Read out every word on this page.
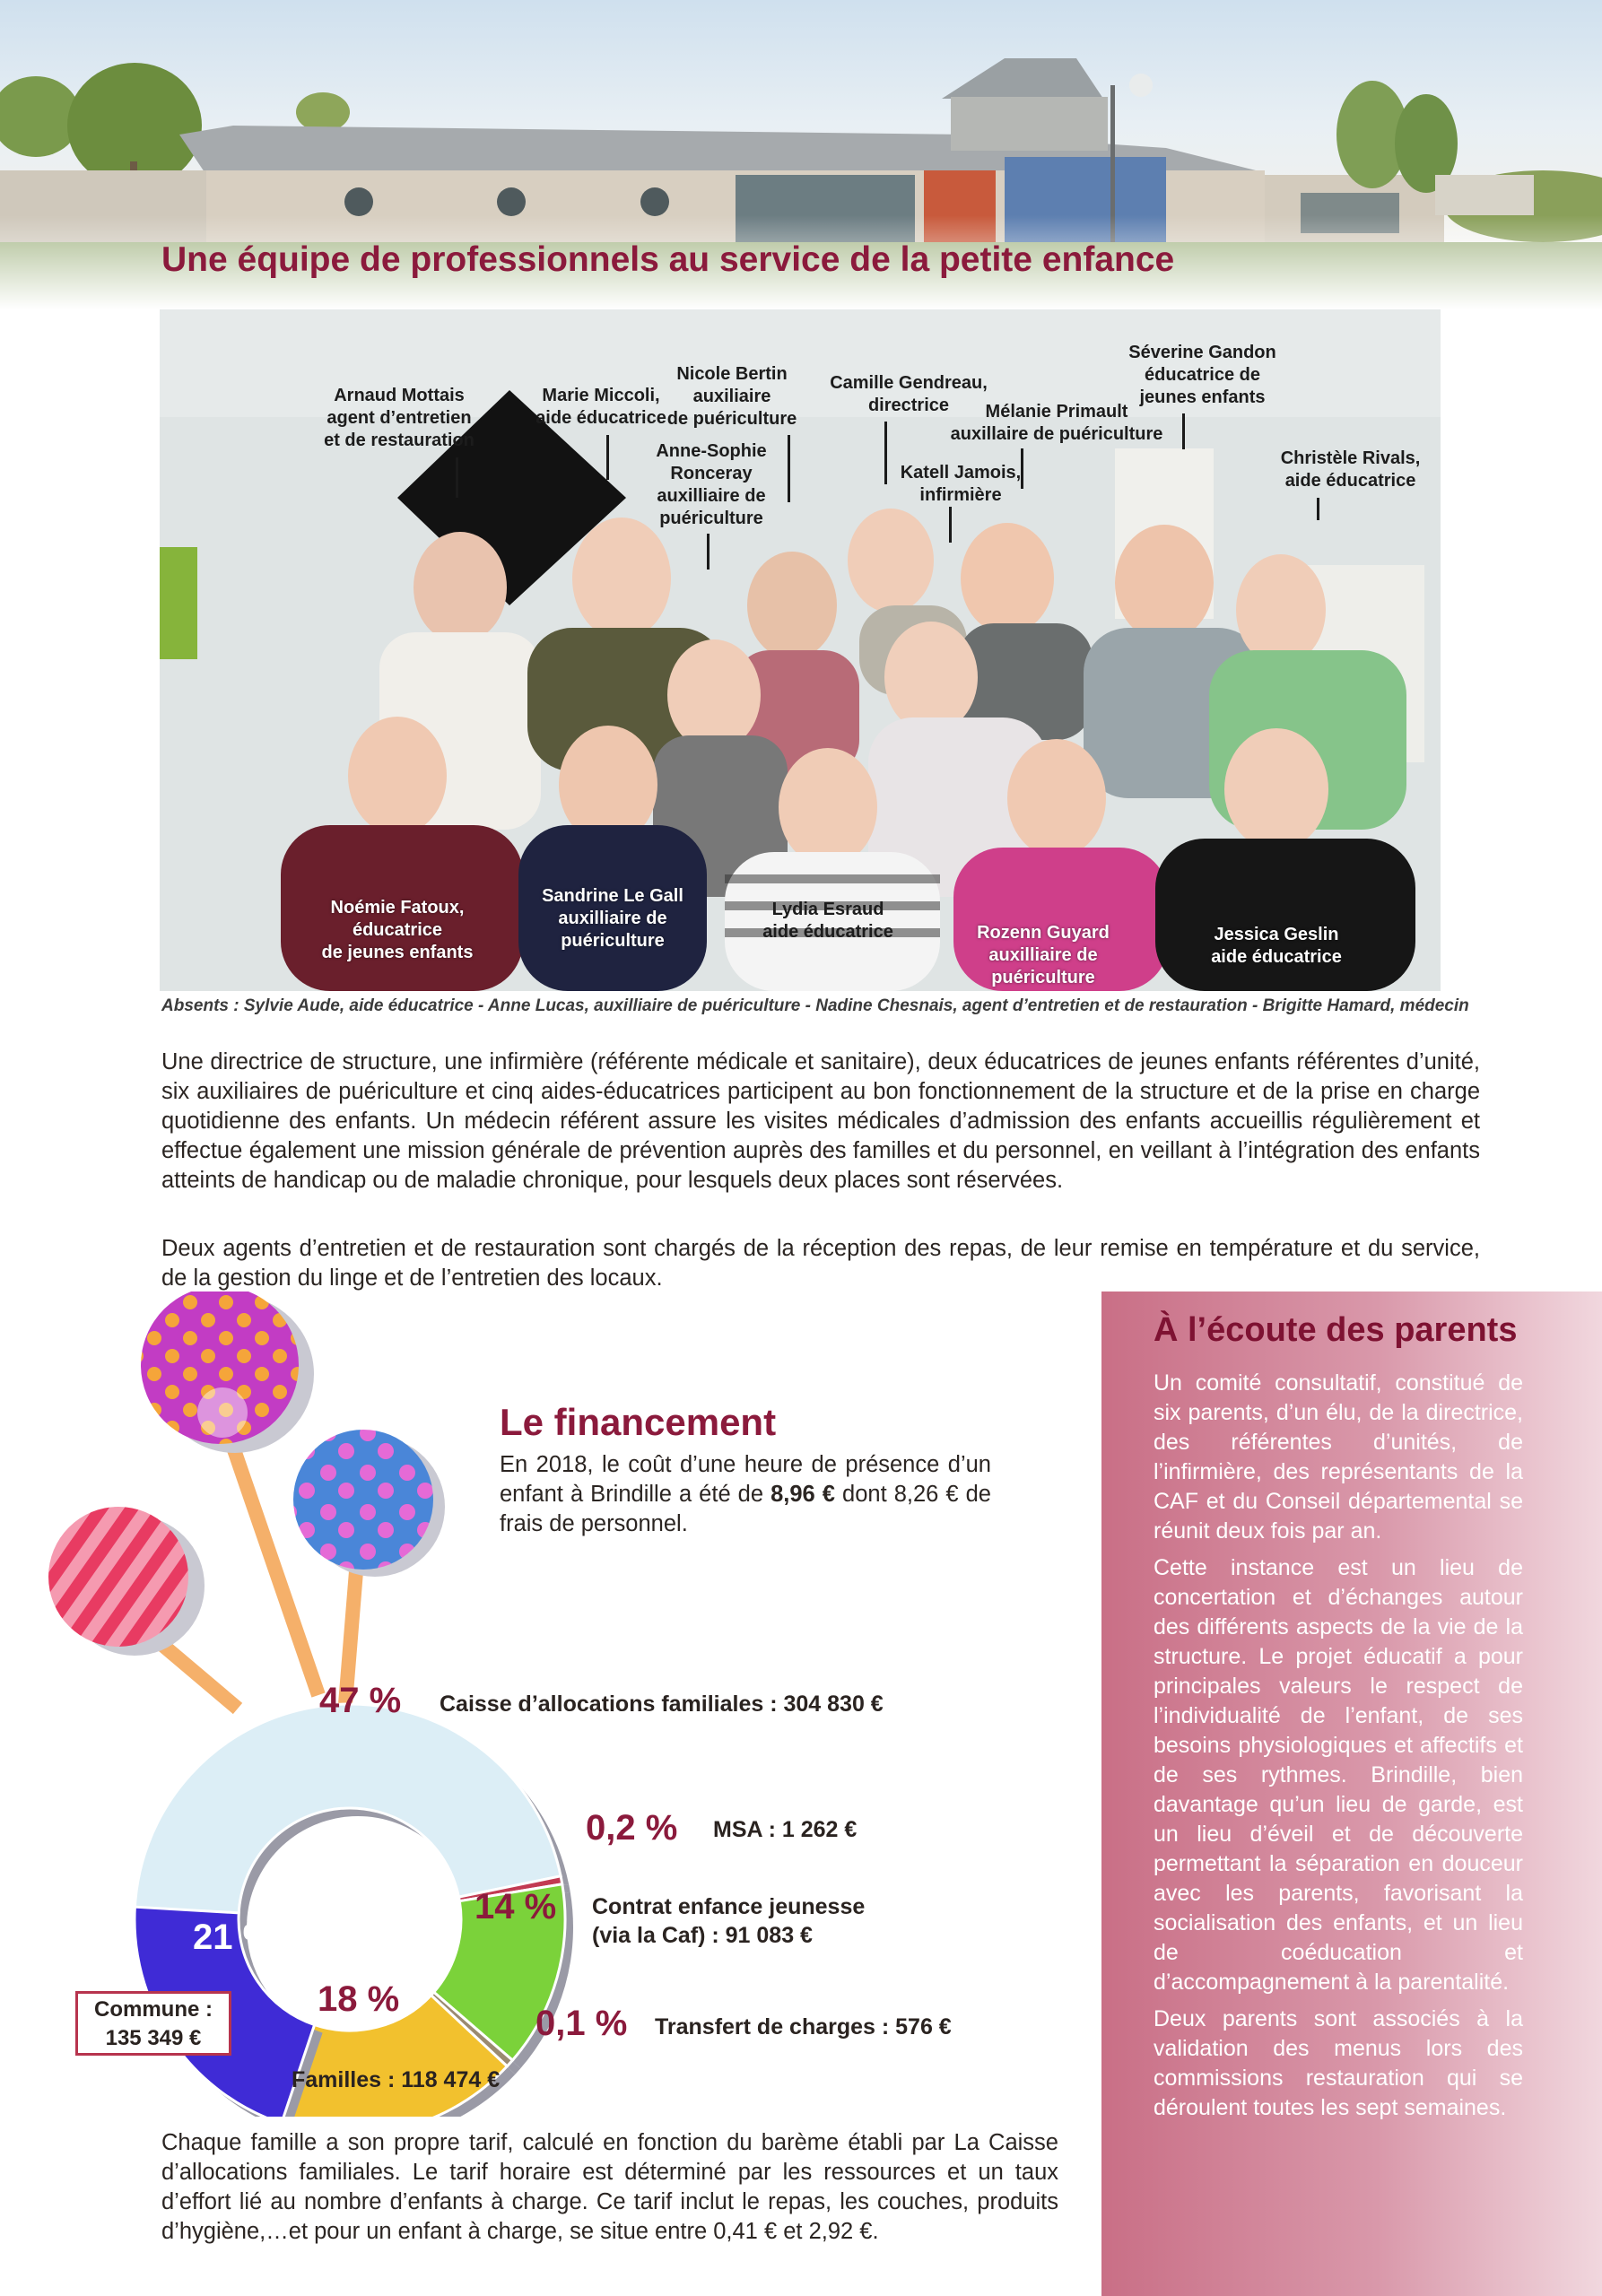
Une équipe de professionnels au service de la petite enfance
Arnaud Mottais
agent d’entretien
et de restauration
Marie Miccoli,
aide éducatrice
Nicole Bertin
auxiliaire
de puériculture
Camille Gendreau,
directrice
Séverine Gandon
éducatrice de
jeunes enfants
Anne-Sophie
Ronceray
auxilliaire de
puériculture
Mélanie Primault
auxillaire de puériculture
Katell Jamois,
infirmière
Christèle Rivals,
aide éducatrice
Noémie Fatoux,
éducatrice
de jeunes enfants
Sandrine Le Gall
auxilliaire de
puériculture
Lydia Esraud
aide éducatrice	Rozenn Guyard
auxilliaire de
puériculture
Jessica Geslin
aide éducatrice
Absents : Sylvie Aude, aide éducatrice - Anne Lucas, auxilliaire de puériculture - Nadine Chesnais, agent d’entretien et de restauration - Brigitte Hamard, médecin

Une directrice de structure, une infirmière (référente médicale et sanitaire), deux éducatrices de jeunes enfants référentes d’unité, six auxiliaires de puériculture et cinq aides-éducatrices participent au bon fonctionnement de la structure et de la prise en charge quotidienne des enfants. Un médecin référent assure les visites médicales d’admission des enfants accueillis régulièrement et effectue également une mission générale de prévention auprès des familles et du personnel, en veillant à l’intégration des enfants atteints de handicap ou de maladie chronique, pour lesquels deux places sont réservées.

Deux agents d’entretien et de restauration sont chargés de la réception des repas, de leur remise en température et du service, de la gestion du linge et de l’entretien des locaux.

À l’écoute des parents

Un comité consultatif, constitué de six parents, d’un élu, de la directrice, des référentes d’unités, de l’infirmière, des représentants de la CAF et du Conseil départemental se réunit deux fois par an.

Cette instance est un lieu de concertation et d’échanges autour des différents aspects de la vie de la structure. Le projet éducatif a pour principales valeurs le respect de l’individualité de l’enfant, de ses besoins physiologiques et affectifs et de ses rythmes. Brindille, bien davantage qu’un lieu de garde, est un lieu d’éveil et de découverte permettant la séparation en douceur avec les parents, favorisant la socialisation des enfants, et un lieu de coéducation et d’accompagnement à la parentalité.

Deux parents sont associés à la validation des menus lors des commissions restauration qui se déroulent toutes les sept semaines.

Le financement

En 2018, le coût d’une heure de présence d’un enfant à Brindille a été de 8,96 € dont 8,26 € de frais de personnel.

47 % Caisse d’allocations familiales : 304 830 €
0,2 % MSA : 1 262 €
14 % Contrat enfance jeunesse
(via la Caf) : 91 083 €
0,1 % Transfert de charges : 576 €
18 %
Familles : 118 474 €
21 %
Commune :
135 349 €

Chaque famille a son propre tarif, calculé en fonction du barème établi par La Caisse d’allocations familiales. Le tarif horaire est déterminé par les ressources et un taux d’effort lié au nombre d’enfants à charge. Ce tarif inclut le repas, les couches, produits d’hygiène,…et pour un enfant à charge, se situe entre 0,41 € et 2,92 €.
